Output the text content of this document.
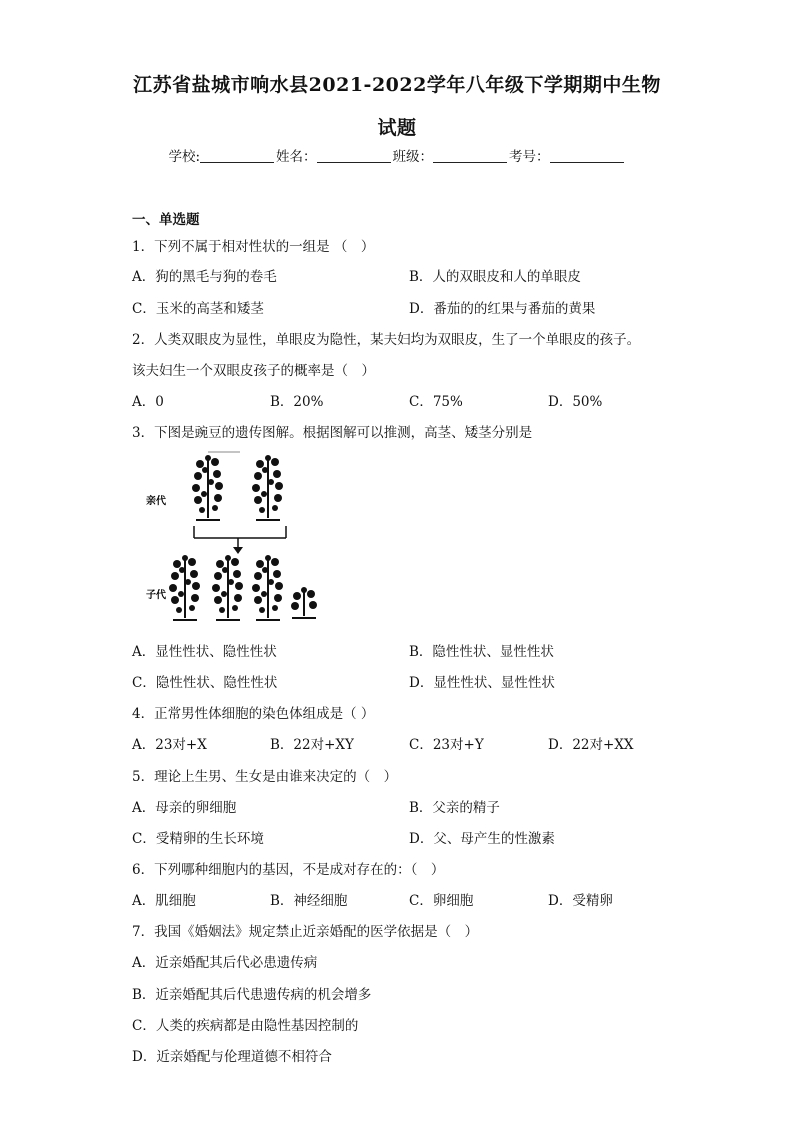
江苏省盐城市响水县2021-2022学年八年级下学期期中生物
试题
学校:	姓名：	班级：	考号：
一、单选题
1．下列不属于相对性状的一组是 （　）
A．狗的黑毛与狗的卷毛	B．人的双眼皮和人的单眼皮
C．玉米的高茎和矮茎	D．番茄的的红果与番茄的黄果
2．人类双眼皮为显性，单眼皮为隐性，某夫妇均为双眼皮，生了一个单眼皮的孩子。
该夫妇生一个双眼皮孩子的概率是（　）
A．0	B．20%	C．75%	D．50%
3．下图是豌豆的遗传图解。根据图解可以推测，高茎、矮茎分别是
亲代
子代
A．显性性状、隐性性状	B．隐性性状、显性性状
C．隐性性状、隐性性状	D．显性性状、显性性状
4．正常男性体细胞的染色体组成是（ ）
A．23对+X	B．22对+XY	C．23对+Y	D．22对+XX
5．理论上生男、生女是由谁来决定的（　）
A．母亲的卵细胞	B．父亲的精子
C．受精卵的生长环境	D．父、母产生的性激素
6．下列哪种细胞内的基因，不是成对存在的：（　）
A．肌细胞	B．神经细胞	C．卵细胞	D．受精卵
7．我国《婚姻法》规定禁止近亲婚配的医学依据是（　）
A．近亲婚配其后代必患遗传病
B．近亲婚配其后代患遗传病的机会增多
C．人类的疾病都是由隐性基因控制的
D．近亲婚配与伦理道德不相符合
